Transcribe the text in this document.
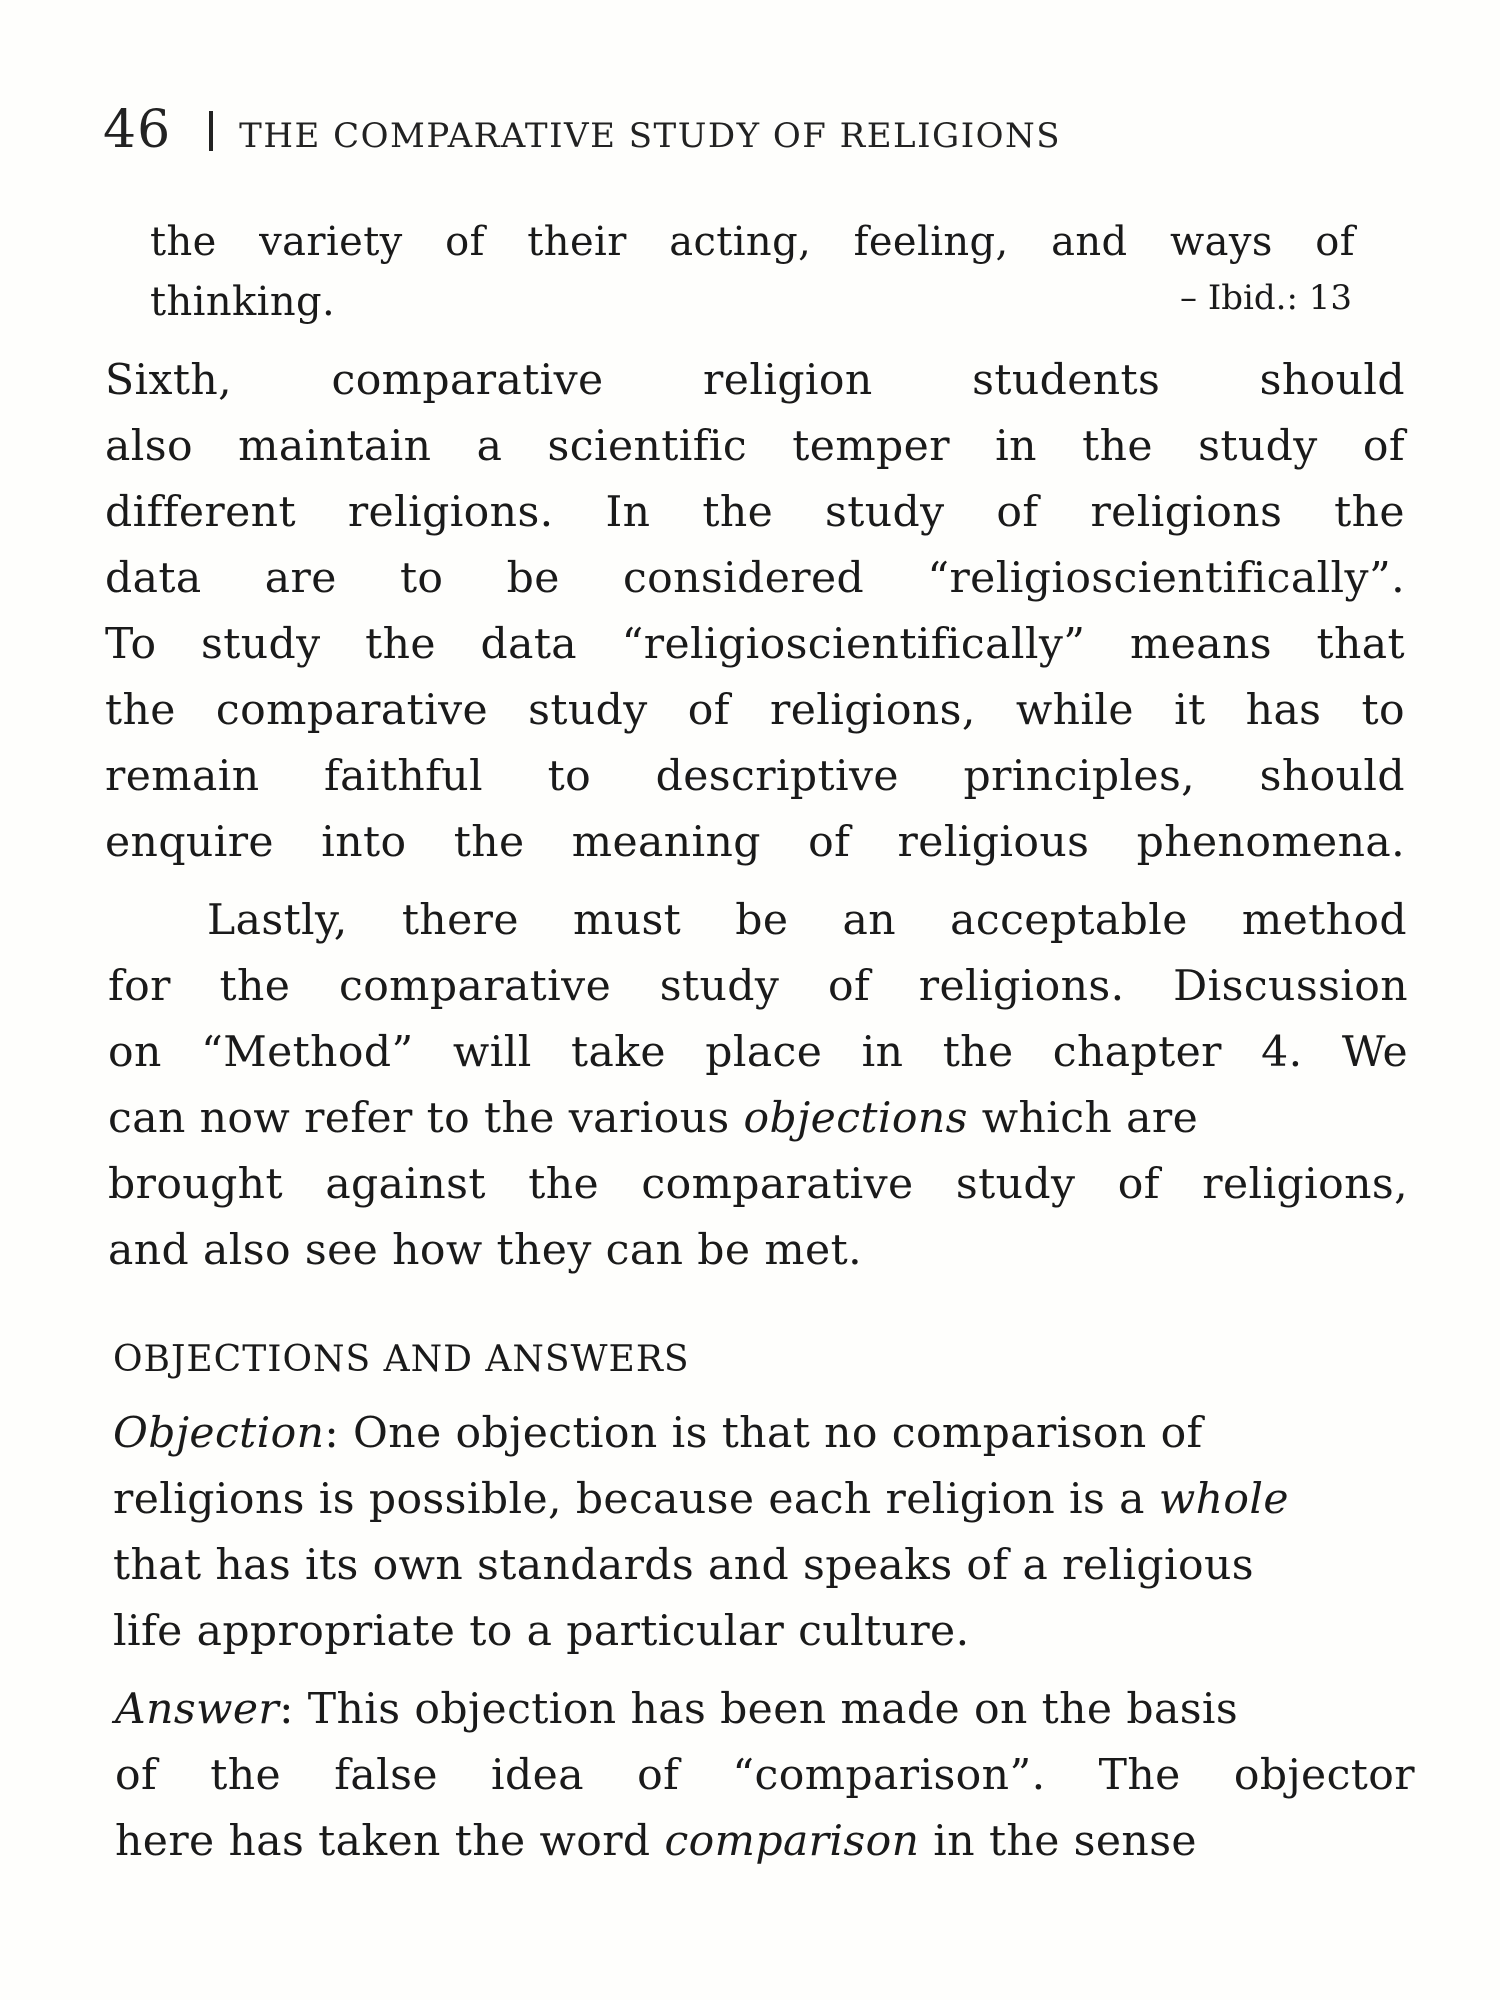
46 THE COMPARATIVE STUDY OF RELIGIONS
the variety of their acting, feeling, and ways of
thinking.	– Ibid.: 13
Sixth, comparative religion students should
also maintain a scientific temper in the study of
different religions. In the study of religions the
data are to be considered “religioscientifically”.
To study the data “religioscientifically” means that
the comparative study of religions, while it has to
remain faithful to descriptive principles, should
enquire into the meaning of religious phenomena.
Lastly, there must be an acceptable method
for the comparative study of religions. Discussion
on “Method” will take place in the chapter 4. We
can now refer to the various objections which are
brought against the comparative study of religions,
and also see how they can be met.
OBJECTIONS AND ANSWERS
Objection : One objection is that no comparison of
religions is possible, because each religion is a whole
that has its own standards and speaks of a religious
life appropriate to a particular culture.
Answer: This objection has been made on the basis
of the false idea of “comparison”. The objector
here has taken the word comparison in the sense
